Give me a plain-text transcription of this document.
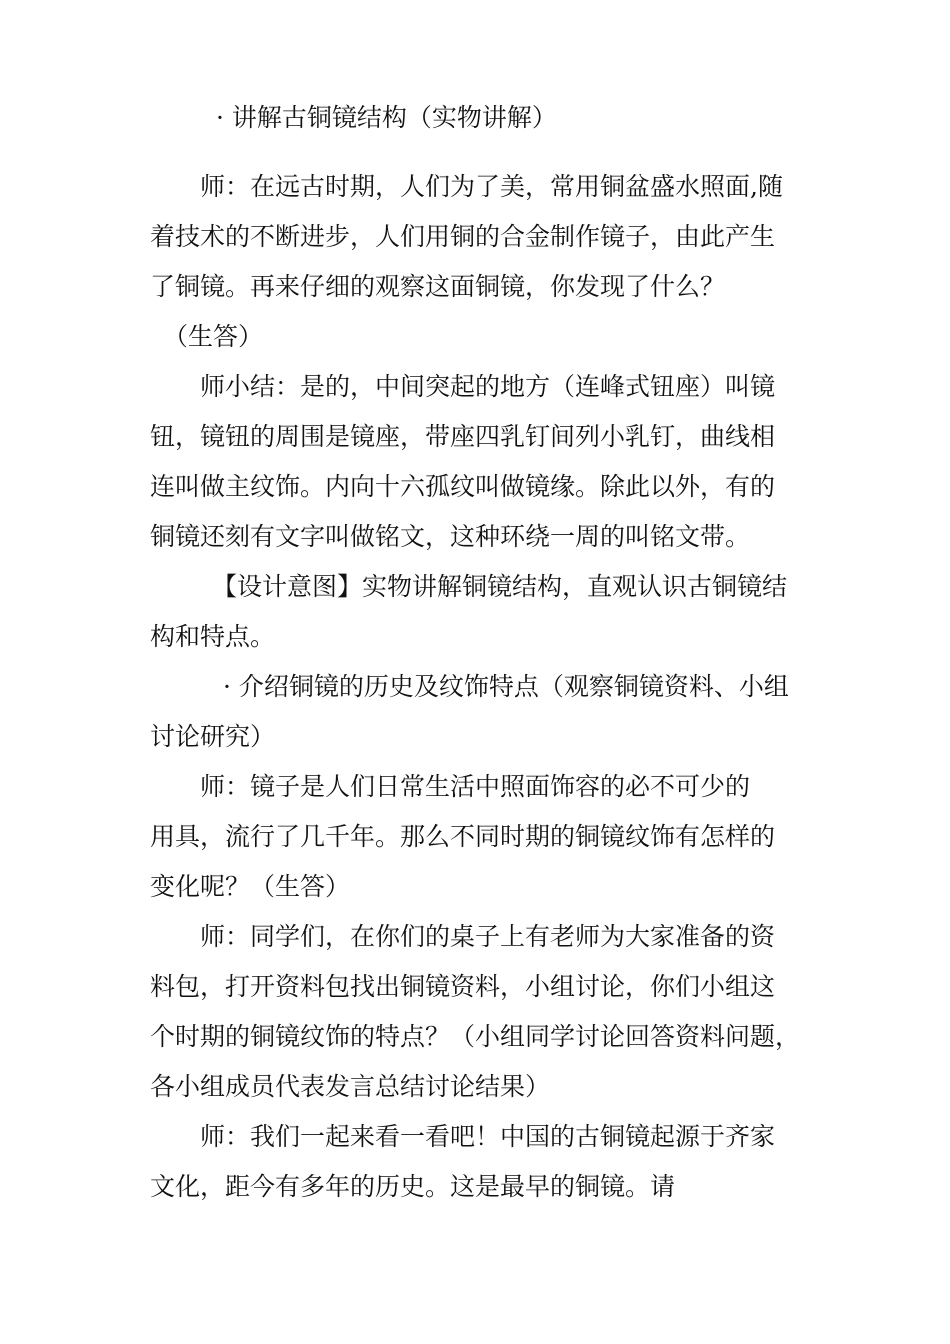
· 讲解古铜镜结构（实物讲解）

师：在远古时期，人们为了美，常用铜盆盛水照面,随

着技术的不断进步，人们用铜的合金制作镜子，由此产生

了铜镜。再来仔细的观察这面铜镜，你发现了什么？

（生答）

师小结：是的，中间突起的地方（连峰式钮座）叫镜

钮，镜钮的周围是镜座，带座四乳钉间列小乳钉，曲线相

连叫做主纹饰。内向十六孤纹叫做镜缘。除此以外，有的

铜镜还刻有文字叫做铭文，这种环绕一周的叫铭文带。

【设计意图】实物讲解铜镜结构，直观认识古铜镜结

构和特点。

· 介绍铜镜的历史及纹饰特点（观察铜镜资料、小组

讨论研究）

师：镜子是人们日常生活中照面饰容的必不可少的

用具，流行了几千年。那么不同时期的铜镜纹饰有怎样的

变化呢？（生答）

师：同学们，在你们的桌子上有老师为大家准备的资

料包，打开资料包找出铜镜资料，小组讨论，你们小组这

个时期的铜镜纹饰的特点？（小组同学讨论回答资料问题，

各小组成员代表发言总结讨论结果）

师：我们一起来看一看吧！中国的古铜镜起源于齐家

文化，距今有多年的历史。这是最早的铜镜。请
